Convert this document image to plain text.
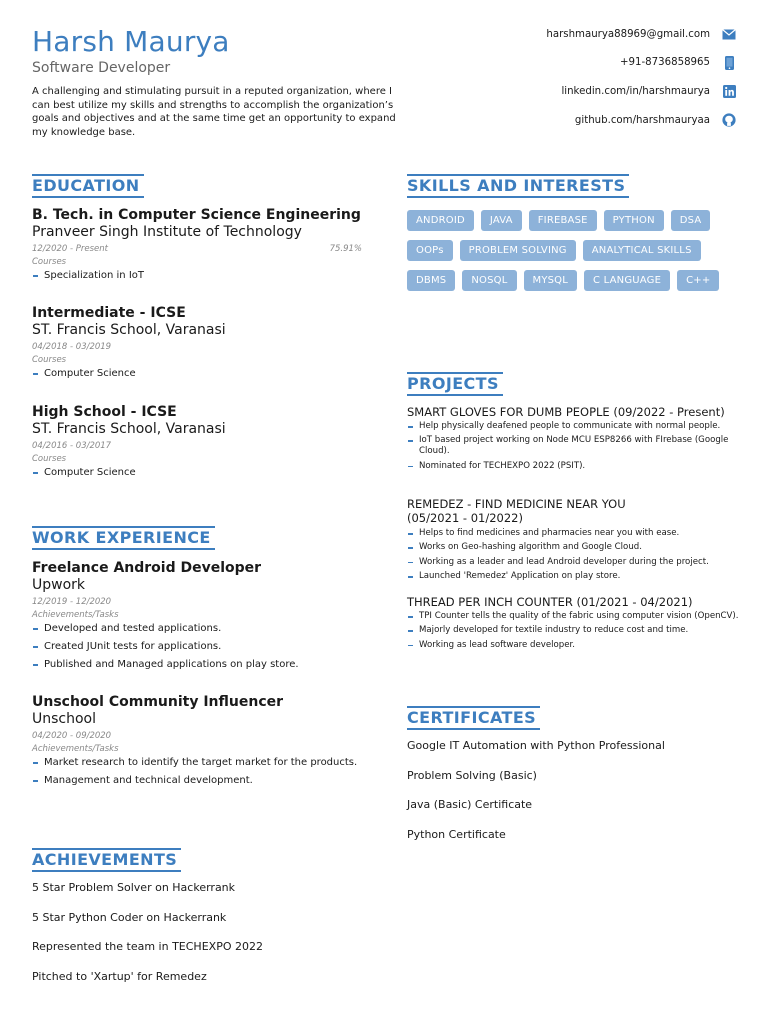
Harsh Maurya
Software Developer

A challenging and stimulating pursuit in a reputed organization, where I can best utilize my skills and strengths to accomplish the organization’s goals and objectives and at the same time get an opportunity to expand my knowledge base.

harshmaurya88969@gmail.com
+91-8736858965
linkedin.com/in/harshmaurya
github.com/harshmauryaa
EDUCATION
B. Tech. in Computer Science Engineering
Pranveer Singh Institute of Technology
12/2020 - Present	75.91%
Courses
Specialization in IoT
Intermediate - ICSE
ST. Francis School, Varanasi
04/2018 - 03/2019
Courses
Computer Science
High School - ICSE
ST. Francis School, Varanasi
04/2016 - 03/2017
Courses
Computer Science
WORK EXPERIENCE
Freelance Android Developer
Upwork
12/2019 - 12/2020
Achievements/Tasks
Developed and tested applications.
Created JUnit tests for applications.
Published and Managed applications on play store.
Unschool Community Influencer
Unschool
04/2020 - 09/2020
Achievements/Tasks
Market research to identify the target market for the products.
Management and technical development.
ACHIEVEMENTS
5 Star Problem Solver on Hackerrank
5 Star Python Coder on Hackerrank
Represented the team in TECHEXPO 2022
Pitched to 'Xartup' for Remedez
SKILLS AND INTERESTS
ANDROID	JAVA	FIREBASE	PYTHON	DSA
OOPs	PROBLEM SOLVING	ANALYTICAL SKILLS
DBMS	NOSQL	MYSQL	C LANGUAGE	C++
PROJECTS
SMART GLOVES FOR DUMB PEOPLE (09/2022 - Present)
Help physically deafened people to communicate with normal people.
IoT based project working on Node MCU ESP8266 with FIrebase (Google Cloud).
Nominated for TECHEXPO 2022 (PSIT).
REMEDEZ - FIND MEDICINE NEAR YOU (05/2021 - 01/2022)
Helps to find medicines and pharmacies near you with ease.
Works on Geo-hashing algorithm and Google Cloud.
Working as a leader and lead Android developer during the project.
Launched 'Remedez' Application on play store.
THREAD PER INCH COUNTER (01/2021 - 04/2021)
TPI Counter tells the quality of the fabric using computer vision (OpenCV).
Majorly developed for textile industry to reduce cost and time.
Working as lead software developer.
CERTIFICATES
Google IT Automation with Python Professional
Problem Solving (Basic)
Java (Basic) Certificate
Python Certificate
